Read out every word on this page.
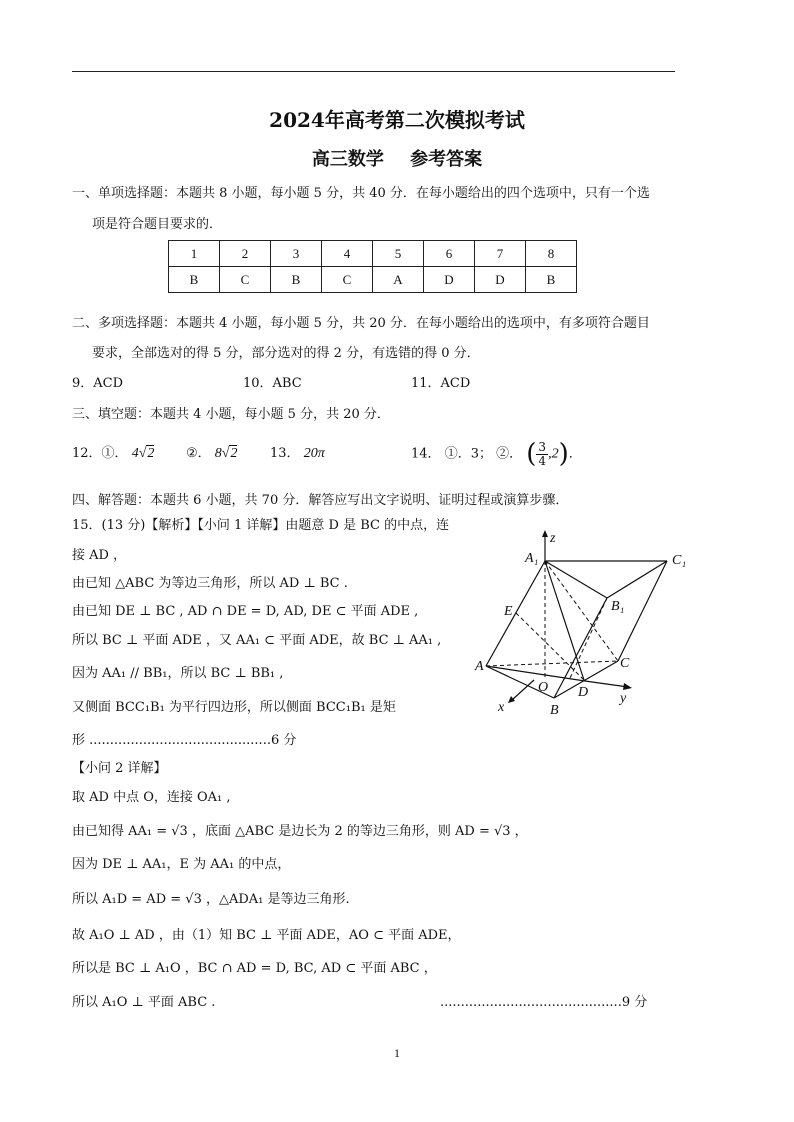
2024年高考第二次模拟考试
高三数学 参考答案
一、单项选择题：本题共 8 小题，每小题 5 分，共 40 分．在每小题给出的四个选项中，只有一个选
项是符合题目要求的．
1	2	3	4	5	6	7	8
B	C	B	C	A	D	D	B
二、多项选择题：本题共 4 小题，每小题 5 分，共 20 分．在每小题给出的选项中，有多项符合题目
要求，全部选对的得 5 分，部分选对的得 2 分，有选错的得 0 分．
9．ACD	10．ABC	11．ACD
三、填空题：本题共 4 小题，每小题 5 分，共 20 分．
12．①． 4√2 ②． 8√2	13． 20π	14． ①．3； ②． ( $\frac{3}{4} ,2$)．
四、解答题：本题共 6 小题，共 70 分．解答应写出文字说明、证明过程或演算步骤．
15．(13 分)【解析】【小问 1 详解】由题意 D 是 BC 的中点，连
接 AD ，
由已知 △ABC 为等边三角形，所以 AD ⊥ BC .
由已知 DE ⊥ BC , AD ∩ DE = D, AD, DE ⊂ 平面 ADE ,
所以 BC ⊥ 平面 ADE ，又 AA₁ ⊂ 平面 ADE，故 BC ⊥ AA₁ ,
因为 AA₁ // BB₁，所以 BC ⊥ BB₁ ,
又侧面 BCC₁B₁ 为平行四边形，所以侧面 BCC₁B₁ 是矩
形 ............................................6 分
【小问 2 详解】
取 AD 中点 O，连接 OA₁ ,
由已知得 AA₁ = √3 ，底面 △ABC 是边长为 2 的等边三角形，则 AD = √3 ，
因为 DE ⊥ AA₁，E 为 AA₁ 的中点，
所以 A₁D = AD = √3 ，△ADA₁ 是等边三角形.
故 A₁O ⊥ AD ，由（1）知 BC ⊥ 平面 ADE，AO ⊂ 平面 ADE，
所以是 BC ⊥ A₁O ，BC ∩ AD = D, BC, AD ⊂ 平面 ABC ，
所以 A₁O ⊥ 平面 ABC .	............................................9 分
z
A₁	C₁
B₁
E
A	C
O D
x
y
B
1
